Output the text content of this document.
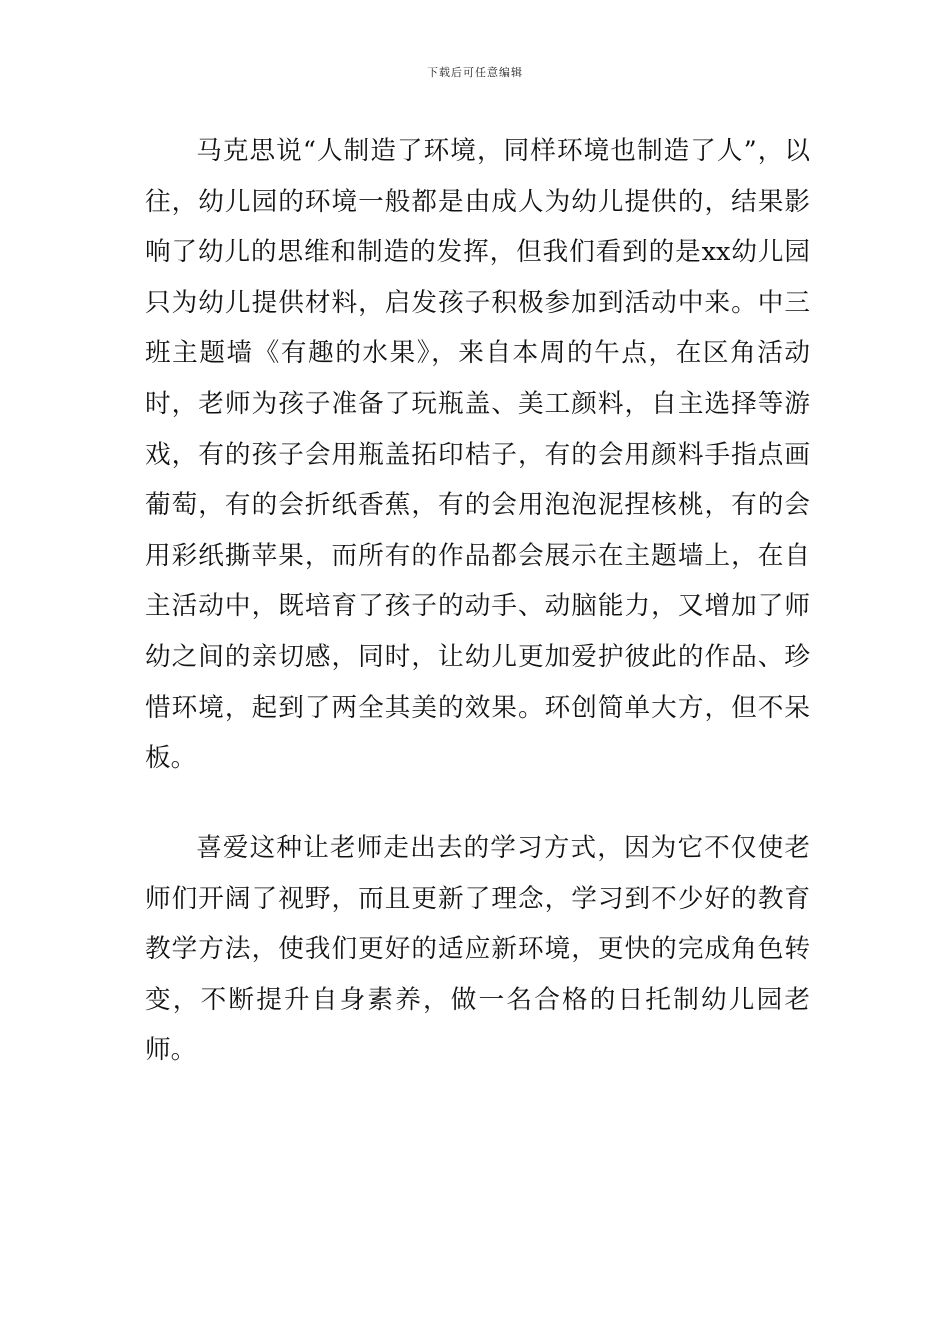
下载后可任意编辑

马克思说“人制造了环境，同样环境也制造了人”，以往，幼儿园的环境一般都是由成人为幼儿提供的，结果影响了幼儿的思维和制造的发挥，但我们看到的是xx幼儿园只为幼儿提供材料，启发孩子积极参加到活动中来。中三班主题墙《有趣的水果》，来自本周的午点，在区角活动时，老师为孩子准备了玩瓶盖、美工颜料，自主选择等游戏，有的孩子会用瓶盖拓印桔子，有的会用颜料手指点画葡萄，有的会折纸香蕉，有的会用泡泡泥捏核桃，有的会用彩纸撕苹果，而所有的作品都会展示在主题墙上，在自主活动中，既培育了孩子的动手、动脑能力，又增加了师幼之间的亲切感，同时，让幼儿更加爱护彼此的作品、珍惜环境，起到了两全其美的效果。环创简单大方，但不呆板。

喜爱这种让老师走出去的学习方式，因为它不仅使老师们开阔了视野，而且更新了理念，学习到不少好的教育教学方法，使我们更好的适应新环境，更快的完成角色转变，不断提升自身素养，做一名合格的日托制幼儿园老师。
